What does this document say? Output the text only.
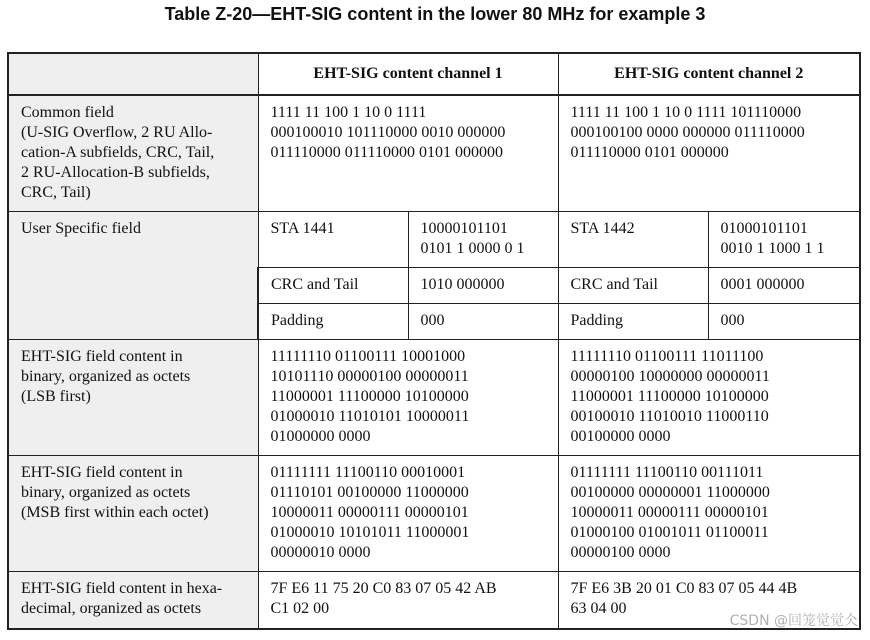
Table Z-20—EHT-SIG content in the lower 80 MHz for example 3
	EHT-SIG content channel 1		EHT-SIG content channel 2	
Common field
(U-SIG Overflow, 2 RU Allo-
cation-A subfields, CRC, Tail,
2 RU-Allocation-B subfields,
CRC, Tail)	1111 11 100 1 10 0 1111
000100010 101110000 0010 000000
011110000 011110000 0101 000000		1111 11 100 1 10 0 1111 101110000
000100100 0000 000000 011110000
011110000 0101 000000	
User Specific field	STA 1441	10000101101
0101 1 0000 0 1	STA 1442	01000101101
0010 1 1000 1 1
	CRC and Tail	1010 000000	CRC and Tail	0001 000000
	Padding	000	Padding	000
EHT-SIG field content in
binary, organized as octets
(LSB first)	11111110 01100111 10001000
10101110 00000100 00000011
11000001 11100000 10100000
01000010 11010101 10000011
01000000 0000		11111110 01100111 11011100
00000100 10000000 00000011
11000001 11100000 10100000
00100010 11010010 11000110
00100000 0000	
EHT-SIG field content in
binary, organized as octets
(MSB first within each octet)	01111111 11100110 00010001
01110101 00100000 11000000
10000011 00000111 00000101
01000010 10101011 11000001
00000010 0000		01111111 11100110 00111011
00100000 00000001 11000000
10000011 00000111 00000101
01000100 01001011 01100011
00000100 0000	
EHT-SIG field content in hexa-
decimal, organized as octets	7F E6 11 75 20 C0 83 07 05 42 AB
C1 02 00		7F E6 3B 20 01 C0 83 07 05 44 4B
63 04 00	
CSDN @回笼觉觉仌
